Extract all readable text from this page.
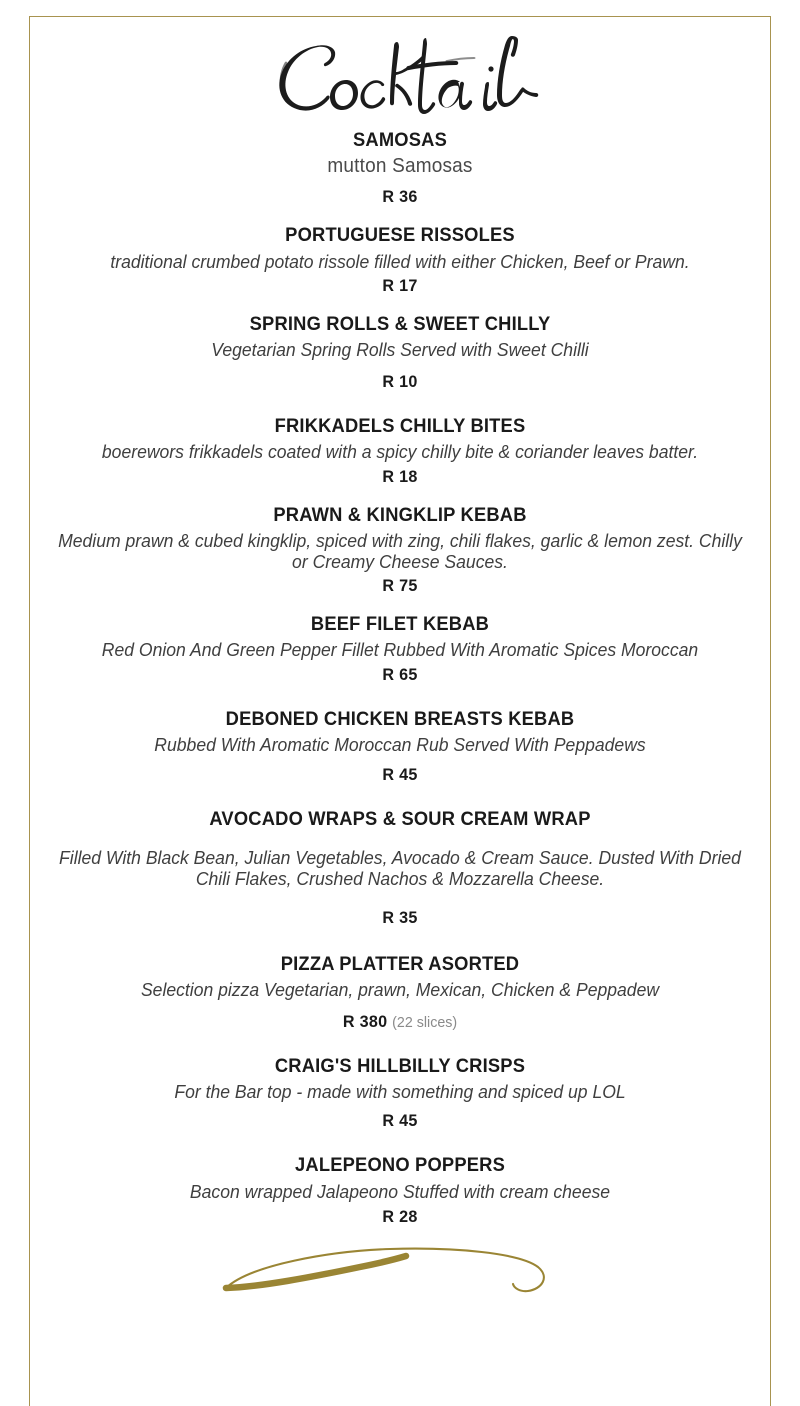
SAMOSAS
mutton Samosas
R 36
PORTUGUESE RISSOLES
traditional crumbed potato rissole filled with either Chicken, Beef or Prawn.
R 17
SPRING ROLLS & SWEET CHILLY
Vegetarian Spring Rolls Served with Sweet Chilli
R 10
FRIKKADELS CHILLY BITES
boerewors frikkadels coated with a spicy chilly bite & coriander leaves batter.
R 18
PRAWN & KINGKLIP KEBAB
Medium prawn & cubed kingklip, spiced with zing, chili flakes, garlic & lemon zest. Chilly or Creamy Cheese Sauces.
R 75
BEEF FILET KEBAB
Red Onion And Green Pepper Fillet Rubbed With Aromatic Spices Moroccan
R 65
DEBONED CHICKEN BREASTS KEBAB
Rubbed With Aromatic Moroccan Rub Served With Peppadews
R 45
AVOCADO WRAPS & SOUR CREAM WRAP
Filled With Black Bean, Julian Vegetables, Avocado & Cream Sauce. Dusted With Dried Chili Flakes, Crushed Nachos & Mozzarella Cheese.
R 35
PIZZA PLATTER ASORTED
Selection pizza Vegetarian, prawn, Mexican, Chicken & Peppadew
R 380 (22 slices)
CRAIG'S HILLBILLY CRISPS
For the Bar top - made with something and spiced up LOL
R 45
JALEPEONO POPPERS
Bacon wrapped Jalapeono Stuffed with cream cheese
R 28
